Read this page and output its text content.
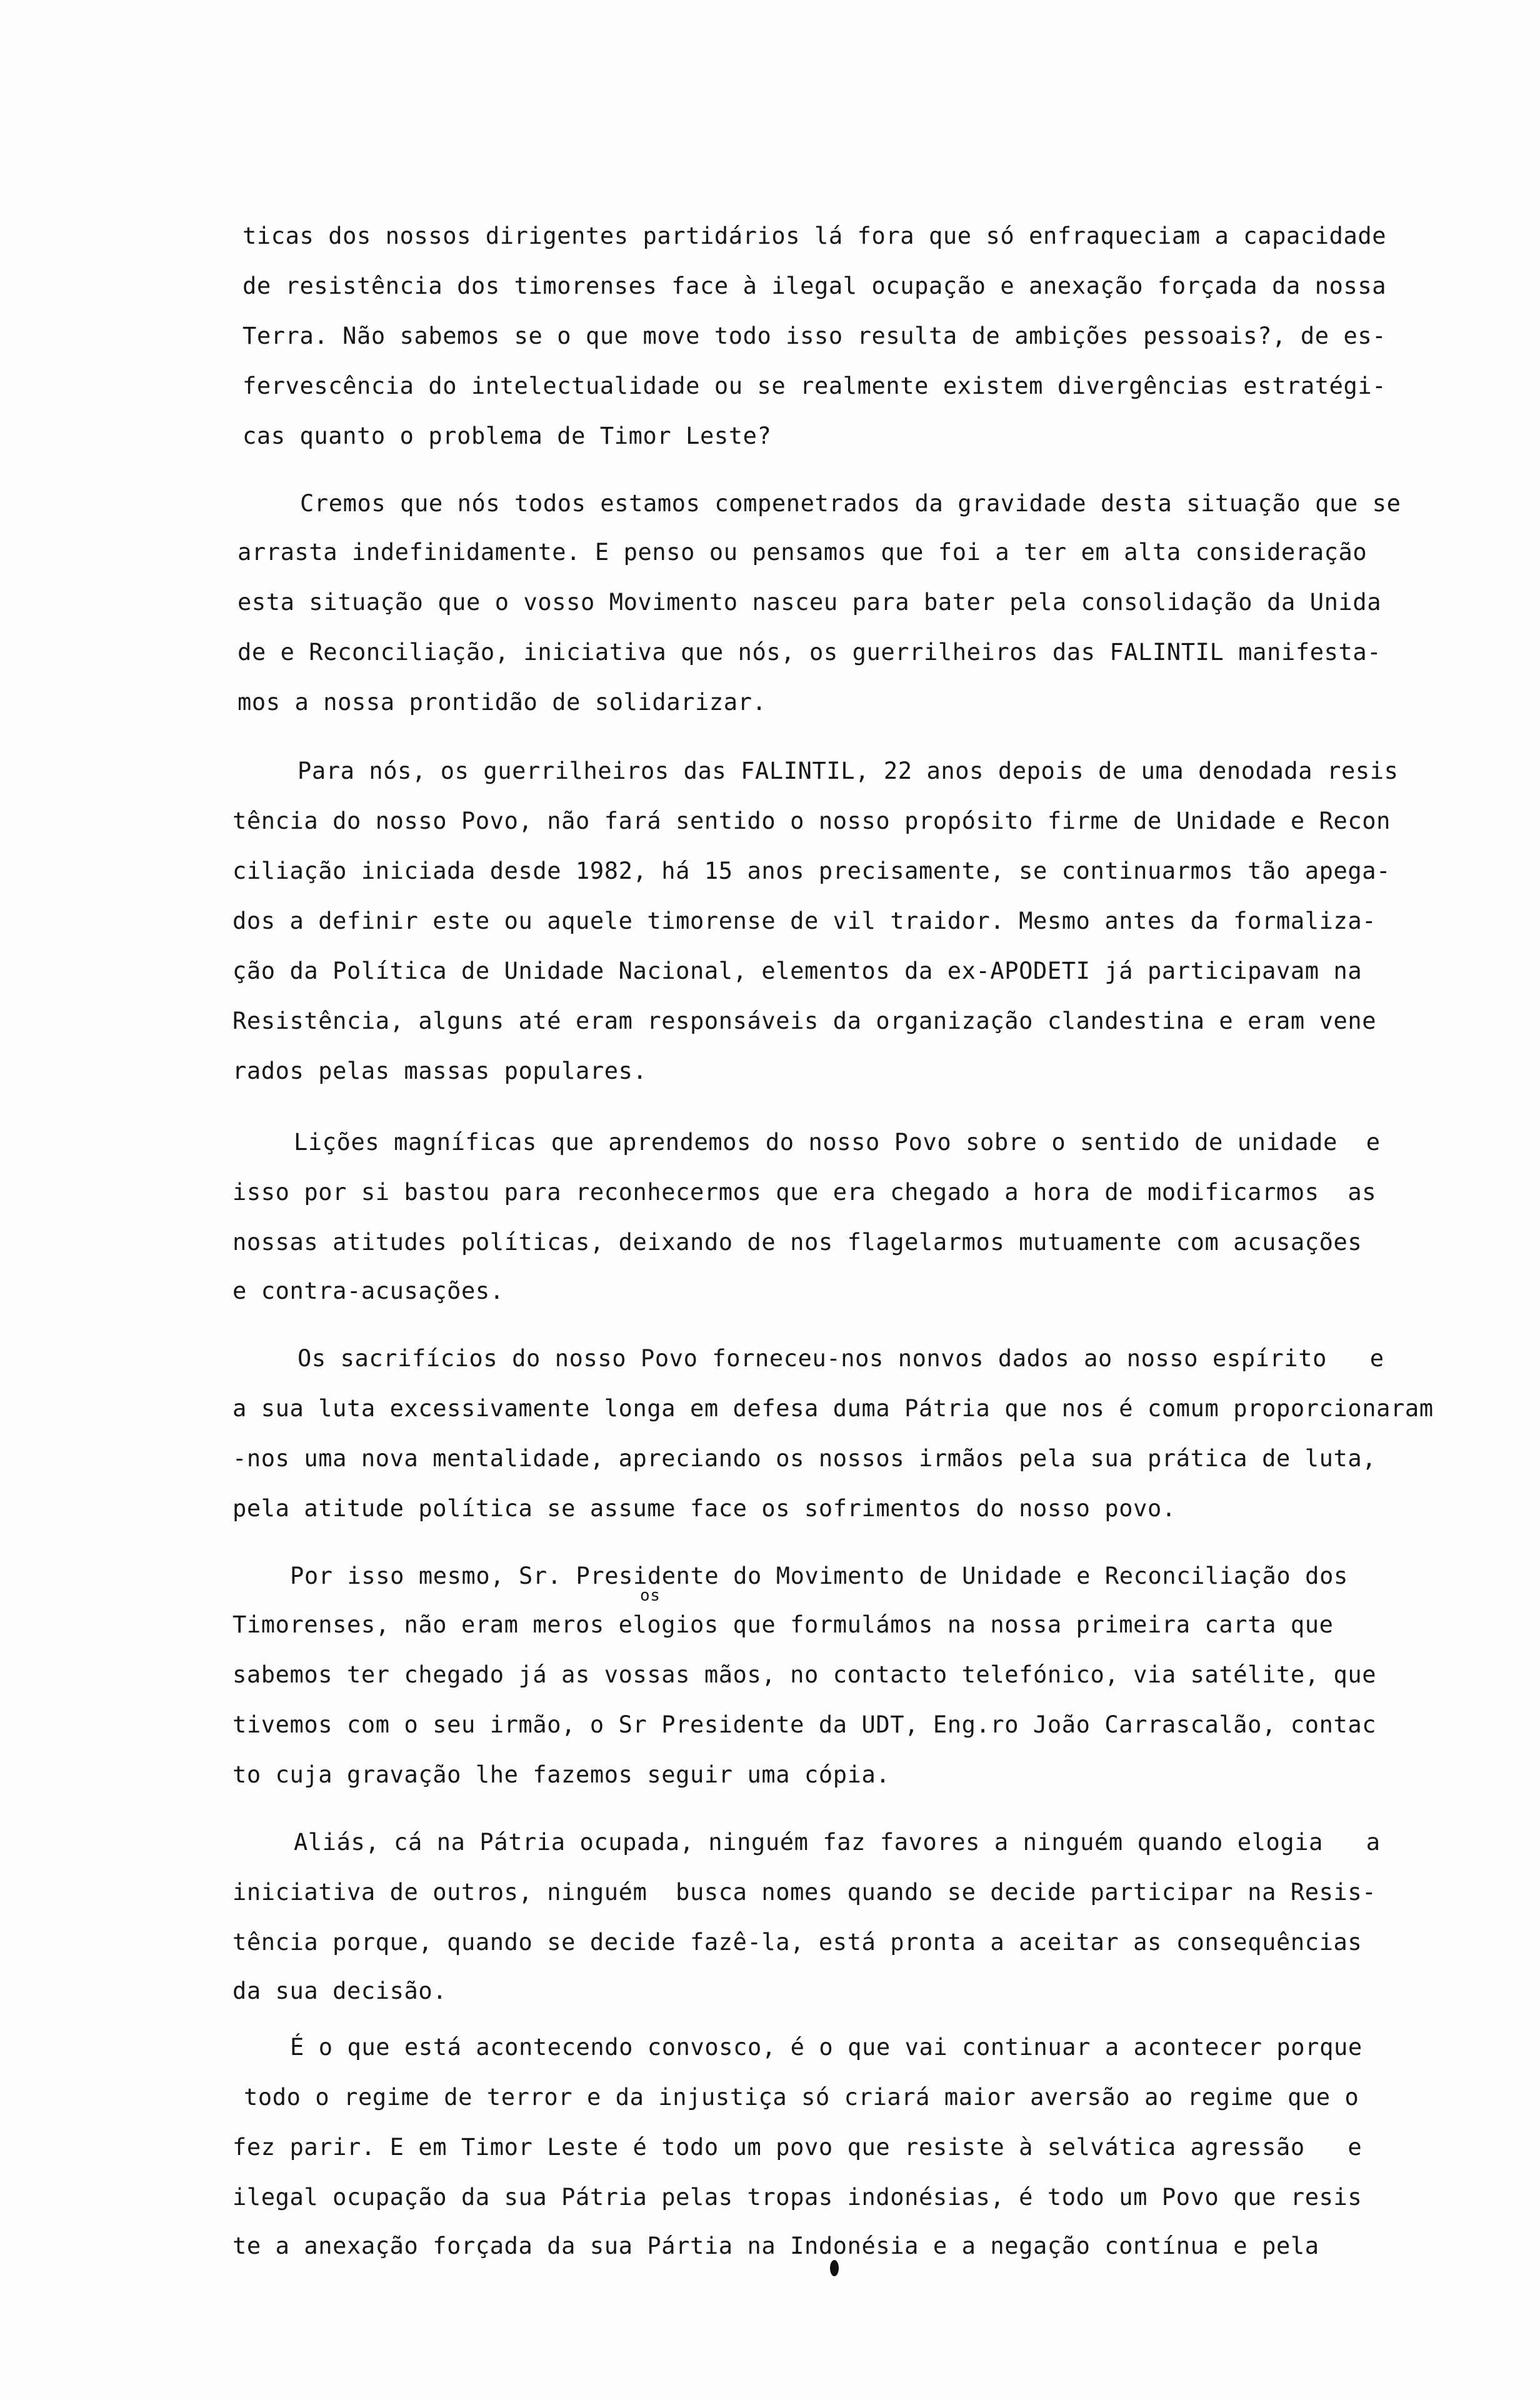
ticas dos nossos dirigentes partidários lá fora que só enfraqueciam a capacidade
de resistência dos timorenses face à ilegal ocupação e anexação forçada da nossa
Terra. Não sabemos se o que move todo isso resulta de ambições pessoais?, de es-
fervescência do intelectualidade ou se realmente existem divergências estratégi-
cas quanto o problema de Timor Leste?
Cremos que nós todos estamos compenetrados da gravidade desta situação que se
arrasta indefinidamente. E penso ou pensamos que foi a ter em alta consideração
esta situação que o vosso Movimento nasceu para bater pela consolidação da Unida
de e Reconciliação, iniciativa que nós, os guerrilheiros das FALINTIL manifesta-
mos a nossa prontidão de solidarizar.
Para nós, os guerrilheiros das FALINTIL, 22 anos depois de uma denodada resis
tência do nosso Povo, não fará sentido o nosso propósito firme de Unidade e Recon
ciliação iniciada desde 1982, há 15 anos precisamente, se continuarmos tão apega-
dos a definir este ou aquele timorense de vil traidor. Mesmo antes da formaliza-
ção da Política de Unidade Nacional, elementos da ex-APODETI já participavam na
Resistência, alguns até eram responsáveis da organização clandestina e eram vene
rados pelas massas populares.
Lições magníficas que aprendemos do nosso Povo sobre o sentido de unidade  e
isso por si bastou para reconhecermos que era chegado a hora de modificarmos  as
nossas atitudes políticas, deixando de nos flagelarmos mutuamente com acusações
e contra-acusações.
Os sacrifícios do nosso Povo forneceu-nos nonvos dados ao nosso espírito   e
a sua luta excessivamente longa em defesa duma Pátria que nos é comum proporcionaram
-nos uma nova mentalidade, apreciando os nossos irmãos pela sua prática de luta,
pela atitude política se assume face os sofrimentos do nosso povo.
Por isso mesmo, Sr. Presidente do Movimento de Unidade e Reconciliação dos
os
Timorenses, não eram meros elogios que formulámos na nossa primeira carta que
sabemos ter chegado já as vossas mãos, no contacto telefónico, via satélite, que
tivemos com o seu irmão, o Sr Presidente da UDT, Eng.ro João Carrascalão, contac
to cuja gravação lhe fazemos seguir uma cópia.
Aliás, cá na Pátria ocupada, ninguém faz favores a ninguém quando elogia   a
iniciativa de outros, ninguém  busca nomes quando se decide participar na Resis-
tência porque, quando se decide fazê-la, está pronta a aceitar as consequências
da sua decisão.
É o que está acontecendo convosco, é o que vai continuar a acontecer porque
todo o regime de terror e da injustiça só criará maior aversão ao regime que o
fez parir. E em Timor Leste é todo um povo que resiste à selvática agressão   e
ilegal ocupação da sua Pátria pelas tropas indonésias, é todo um Povo que resis
te a anexação forçada da sua Pártia na Indonésia e a negação contínua e pela
